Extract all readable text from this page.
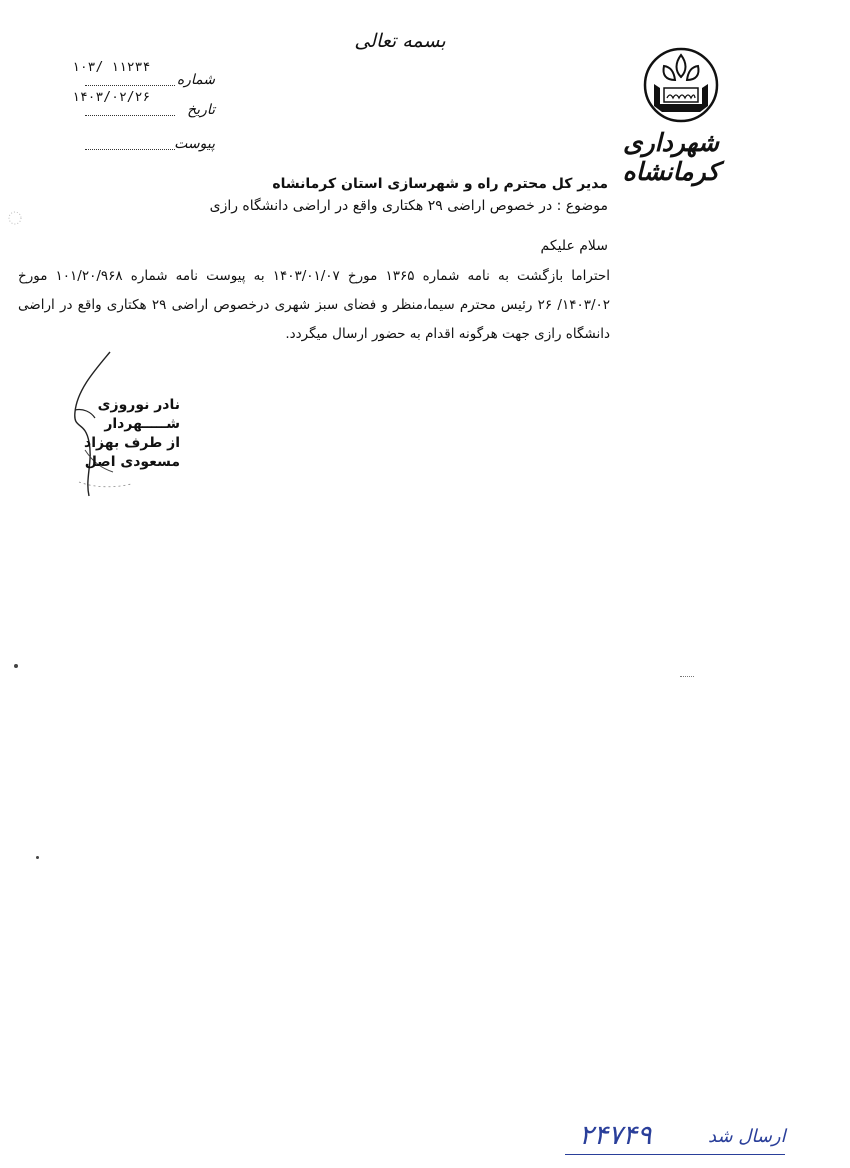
بسمه تعالی
شهرداری کرمانشاه
۱۰۳/ ۱۱۲۳۴
شماره
۱۴۰۳/۰۲/۲۶
تاریخ
پیوست
مدیر کل محترم راه و شهرسازی استان کرمانشاه
موضوع : در خصوص اراضی ۲۹ هکتاری واقع در اراضی دانشگاه رازی
سلام علیکم
احتراما بازگشت به نامه شماره ۱۳۶۵ مورخ ۱۴۰۳/۰۱/۰۷ به پیوست نامه شماره ۱۰۱/۲۰/۹۶۸ مورخ ۱۴۰۳/۰۲/ ۲۶ رئیس محترم سیما،منظر و فضای سبز شهری درخصوص اراضی ۲۹ هکتاری واقع در اراضی دانشگاه رازی جهت هرگونه اقدام به حضور ارسال میگردد.
نادر نوروزی
شـــــهردار
از طرف بهزاد مسعودی اصل
۲۴۷۴۹	ارسال شد
